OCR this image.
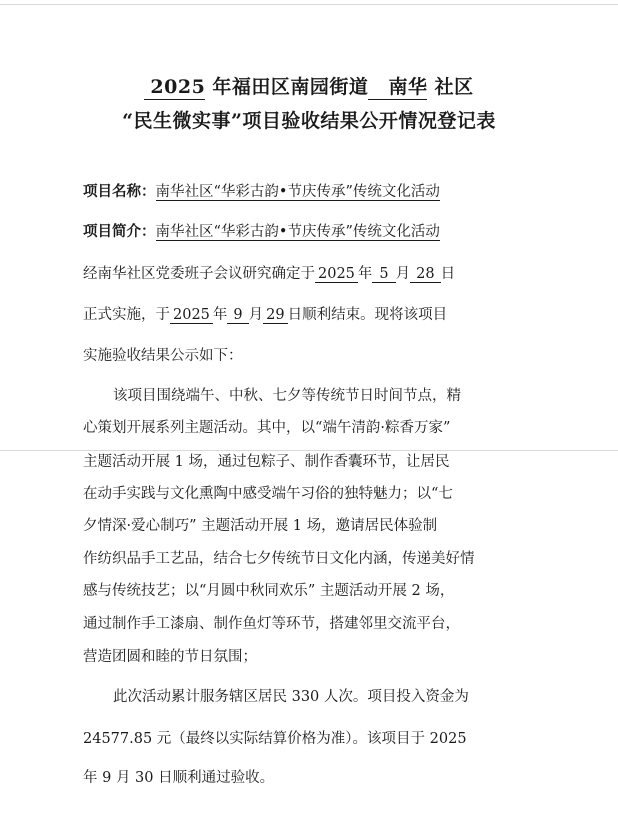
2025 年福田区南园街道 南华 社区
“民生微实事”项目验收结果公开情况登记表
项目名称：南华社区“华彩古韵•节庆传承”传统文化活动
项目简介：南华社区“华彩古韵•节庆传承”传统文化活动
经南华社区党委班子会议研究确定于 2025 年 5 月 28 日
正式实施，于 2025 年 9 月 29 日顺利结束。现将该项目
实施验收结果公示如下：
该项目围绕端午、中秋、七夕等传统节日时间节点，精
心策划开展系列主题活动。其中，以“端午清韵·粽香万家”
主题活动开展 1 场，通过包粽子、制作香囊环节，让居民
在动手实践与文化熏陶中感受端午习俗的独特魅力；以“七
夕情深·爱心制巧” 主题活动开展 1 场，邀请居民体验制
作纺织品手工艺品，结合七夕传统节日文化内涵，传递美好情
感与传统技艺；以“月圆中秋同欢乐” 主题活动开展 2 场，
通过制作手工漆扇、制作鱼灯等环节，搭建邻里交流平台，
营造团圆和睦的节日氛围；
此次活动累计服务辖区居民 330 人次。项目投入资金为
24577.85 元（最终以实际结算价格为准）。该项目于 2025
年 9 月 30 日顺利通过验收。
